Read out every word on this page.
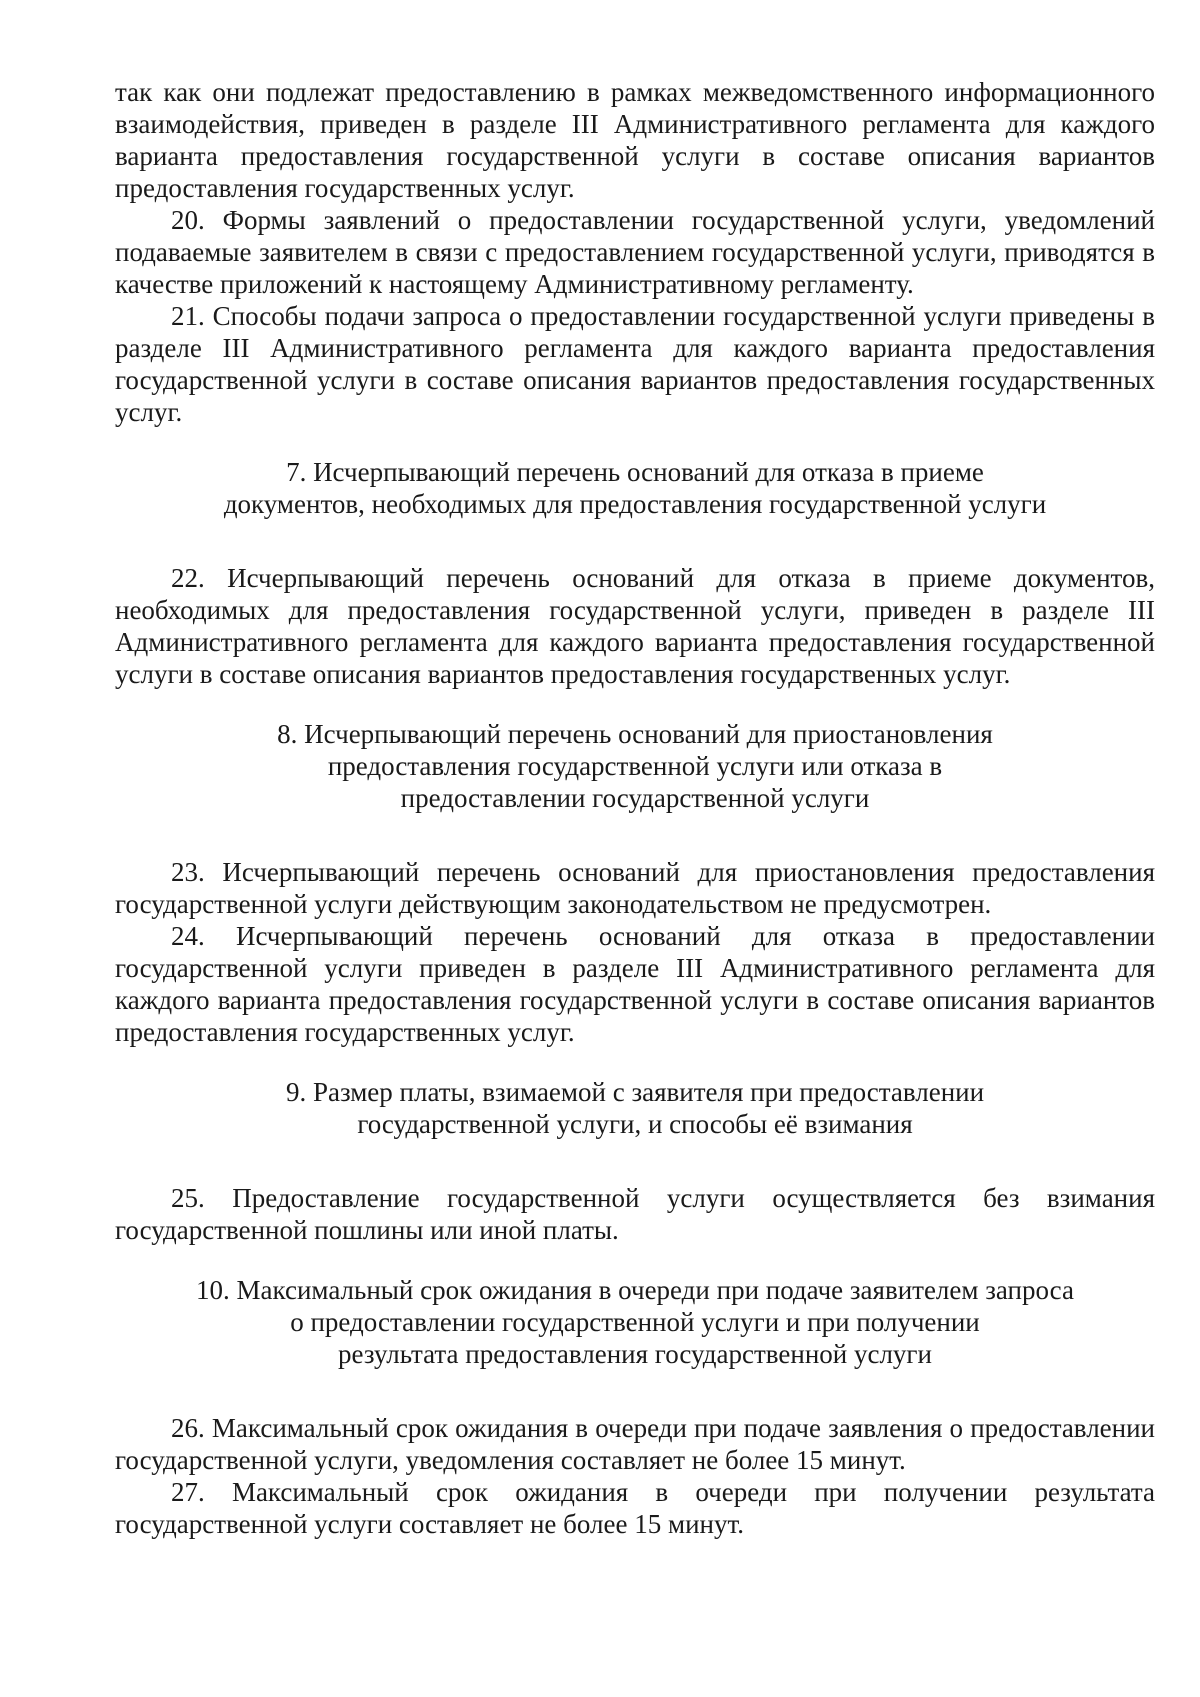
так как они подлежат предоставлению в рамках межведомственного информационного взаимодействия, приведен в разделе III Административного регламента для каждого варианта предоставления государственной услуги в составе описания вариантов предоставления государственных услуг.

20. Формы заявлений о предоставлении государственной услуги, уведомлений подаваемые заявителем в связи с предоставлением государственной услуги, приводятся в качестве приложений к настоящему Административному регламенту.

21. Способы подачи запроса о предоставлении государственной услуги приведены в разделе III Административного регламента для каждого варианта предоставления государственной услуги в составе описания вариантов предоставления государственных услуг.

7. Исчерпывающий перечень оснований для отказа в приеме
документов, необходимых для предоставления государственной услуги

22. Исчерпывающий перечень оснований для отказа в приеме документов, необходимых для предоставления государственной услуги, приведен в разделе III Административного регламента для каждого варианта предоставления государственной услуги в составе описания вариантов предоставления государственных услуг.

8. Исчерпывающий перечень оснований для приостановления
предоставления государственной услуги или отказа в
предоставлении государственной услуги

23. Исчерпывающий перечень оснований для приостановления предоставления государственной услуги действующим законодательством не предусмотрен.

24. Исчерпывающий перечень оснований для отказа в предоставлении государственной услуги приведен в разделе III Административного регламента для каждого варианта предоставления государственной услуги в составе описания вариантов предоставления государственных услуг.

9. Размер платы, взимаемой с заявителя при предоставлении
государственной услуги, и способы её взимания

25. Предоставление государственной услуги осуществляется без взимания государственной пошлины или иной платы.

10. Максимальный срок ожидания в очереди при подаче заявителем запроса
о предоставлении государственной услуги и при получении
результата предоставления государственной услуги

26. Максимальный срок ожидания в очереди при подаче заявления о предоставлении государственной услуги, уведомления составляет не более 15 минут.

27. Максимальный срок ожидания в очереди при получении результата государственной услуги составляет не более 15 минут.
